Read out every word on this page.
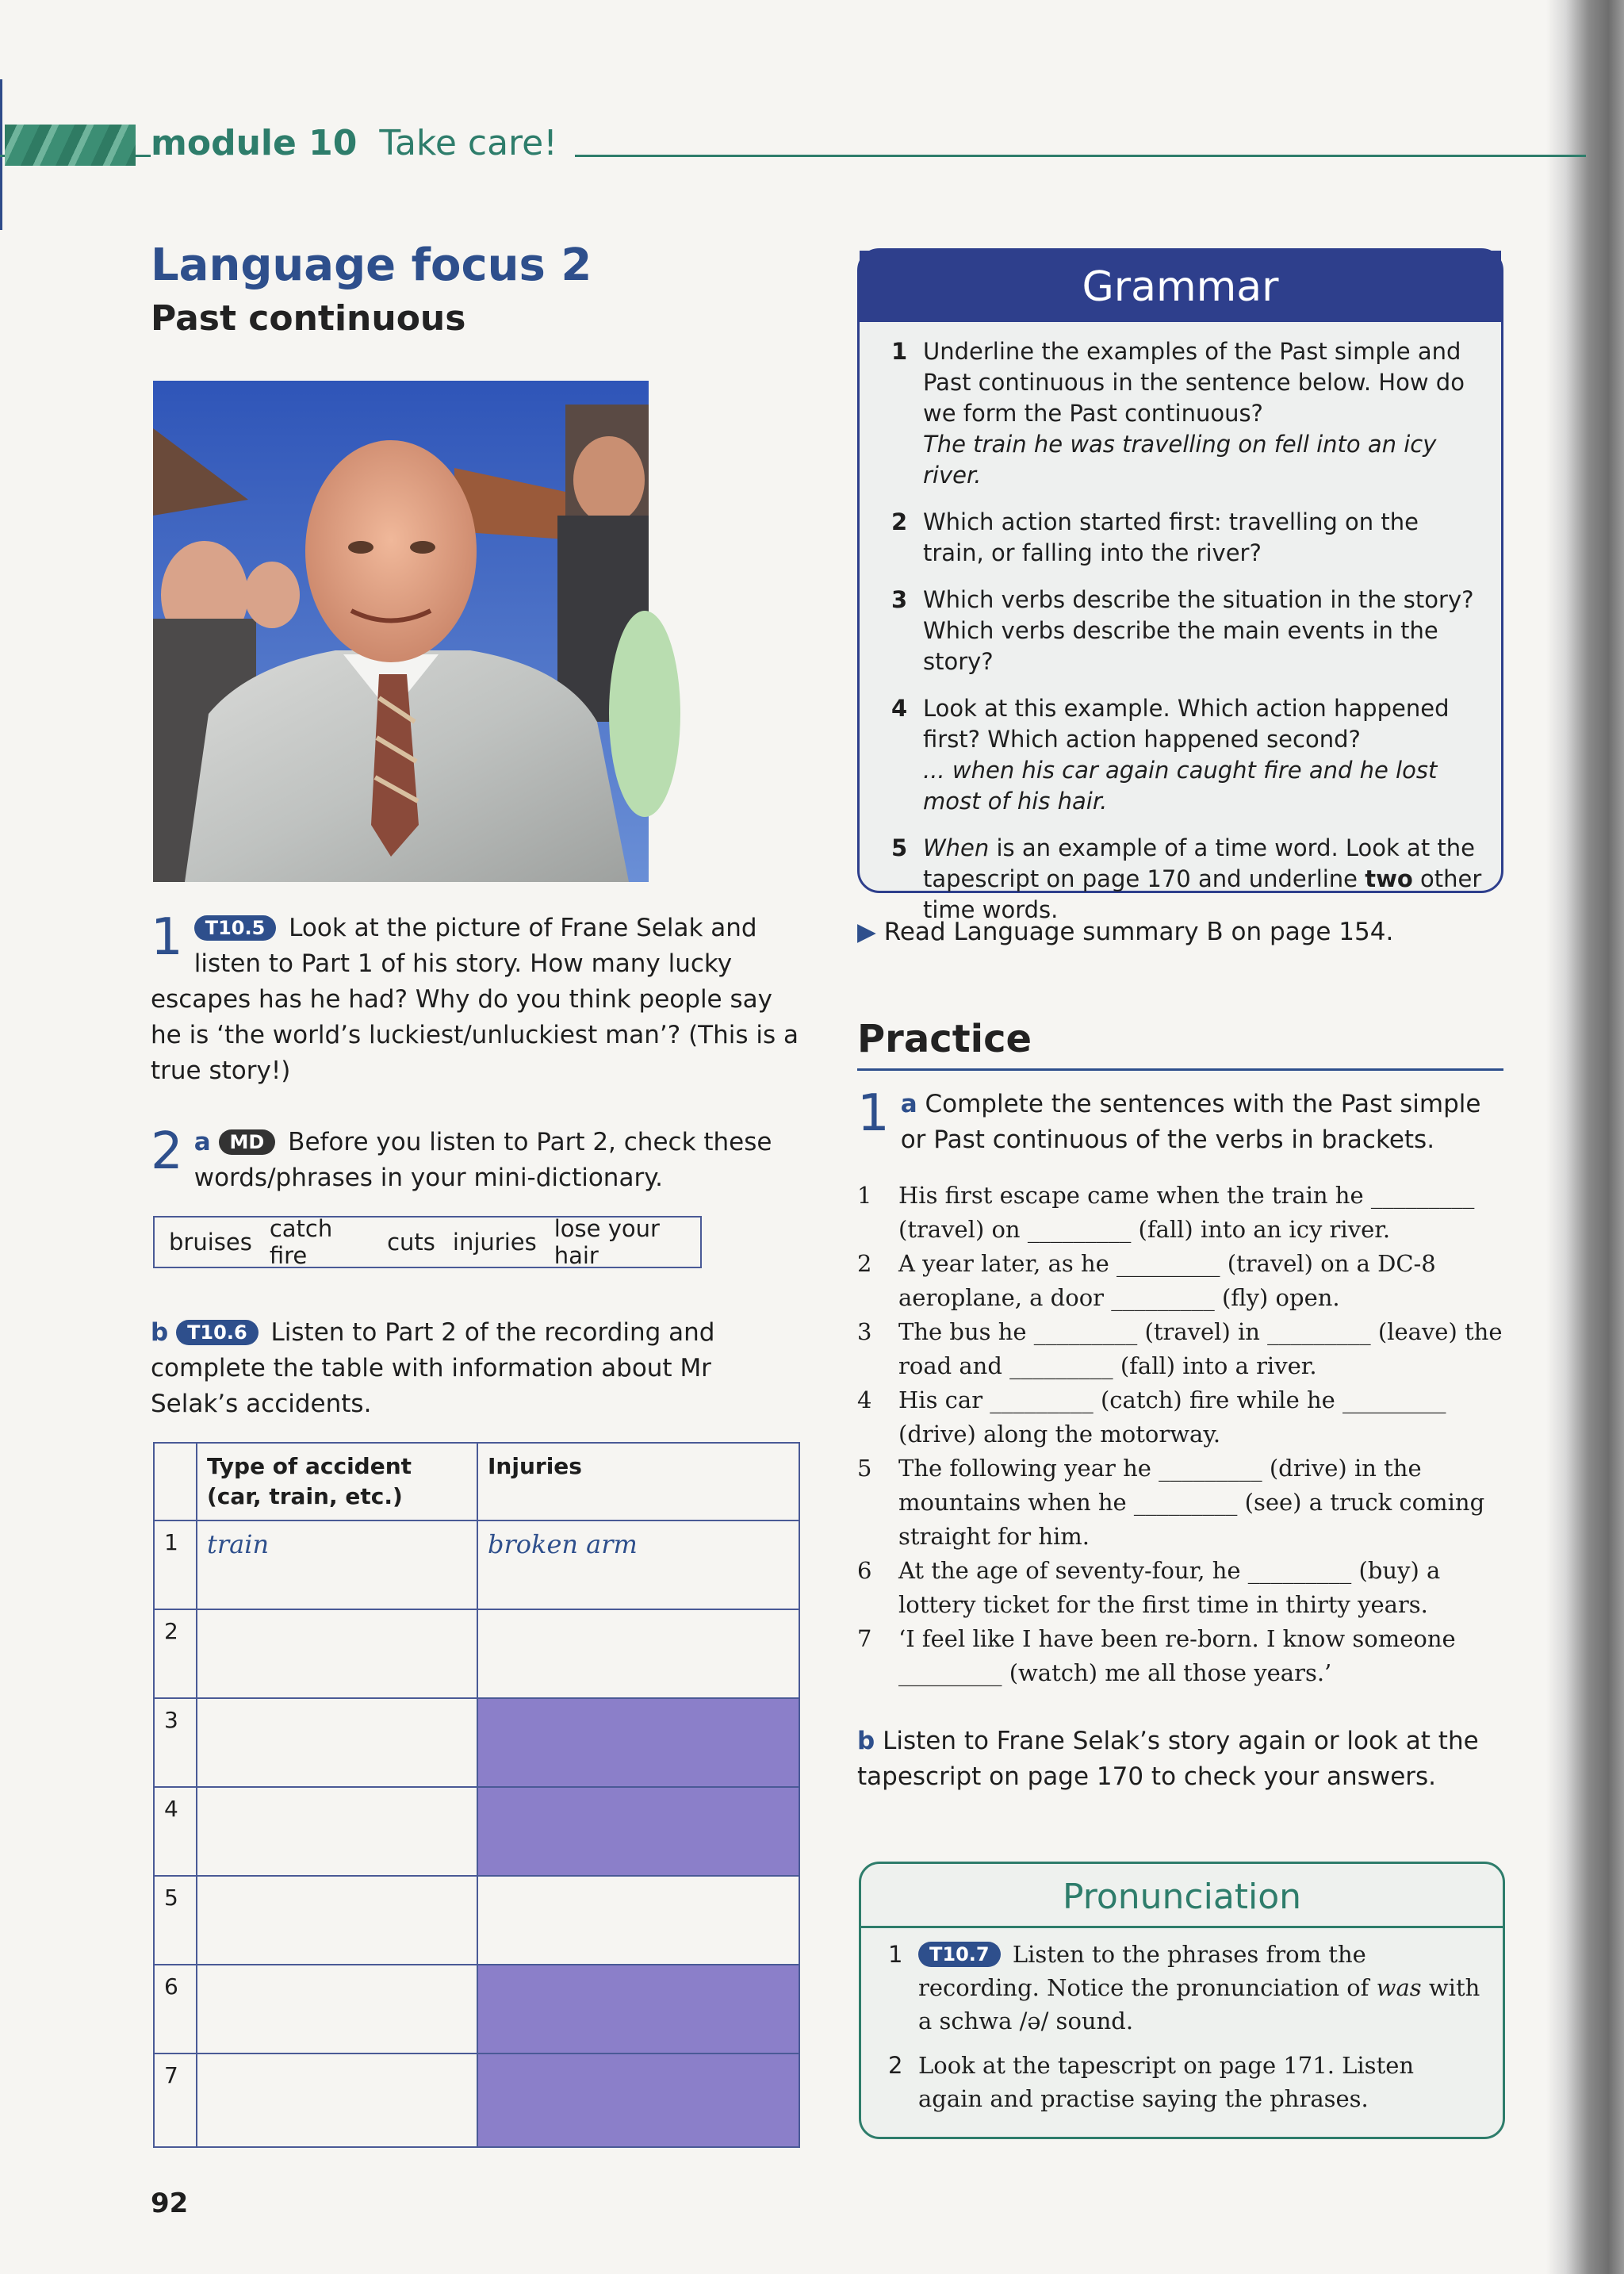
module 10 Take care!
Language focus 2
Past continuous
1 T10.5 Look at the picture of Frane Selak and listen to Part 1 of his story. How many lucky escapes has he had? Why do you think people say he is ‘the world’s luckiest/unluckiest man’? (This is a true story!)
2 a MD Before you listen to Part 2, check these words/phrases in your mini-dictionary.
bruises catch fire	cuts injuries lose your hair
b T10.6 Listen to Part 2 of the recording and complete the table with information about Mr Selak’s accidents.
	Type of accident (car, train, etc.)	Injuries
1	train	broken arm
2		
3		
4		
5		
6		
7		
92
Grammar
1 Underline the examples of the Past simple and Past continuous in the sentence below. How do we form the Past continuous?
The train he was travelling on fell into an icy river.
2 Which action started first: travelling on the train, or falling into the river?
3 Which verbs describe the situation in the story? Which verbs describe the main events in the story?
4 Look at this example. Which action happened first? Which action happened second?
... when his car again caught fire and he lost most of his hair.
5 When is an example of a time word. Look at the tapescript on page 170 and underline two other time words.
▶ Read Language summary B on page 154.
Practice
1 a Complete the sentences with the Past simple or Past continuous of the verbs in brackets.
1 His first escape came when the train he _________ (travel) on _________ (fall) into an icy river.
2 A year later, as he _________ (travel) on a DC-8 aeroplane, a door _________ (fly) open.
3 The bus he _________ (travel) in _________ (leave) the road and _________ (fall) into a river.
4 His car _________ (catch) fire while he _________ (drive) along the motorway.
5 The following year he _________ (drive) in the mountains when he _________ (see) a truck coming straight for him.
6 At the age of seventy-four, he _________ (buy) a lottery ticket for the first time in thirty years.
7 ‘I feel like I have been re-born. I know someone _________ (watch) me all those years.’
b Listen to Frane Selak’s story again or look at the tapescript on page 170 to check your answers.
Pronunciation
1 T10.7 Listen to the phrases from the recording. Notice the pronunciation of was with a schwa /ə/ sound.
2 Look at the tapescript on page 171. Listen again and practise saying the phrases.
